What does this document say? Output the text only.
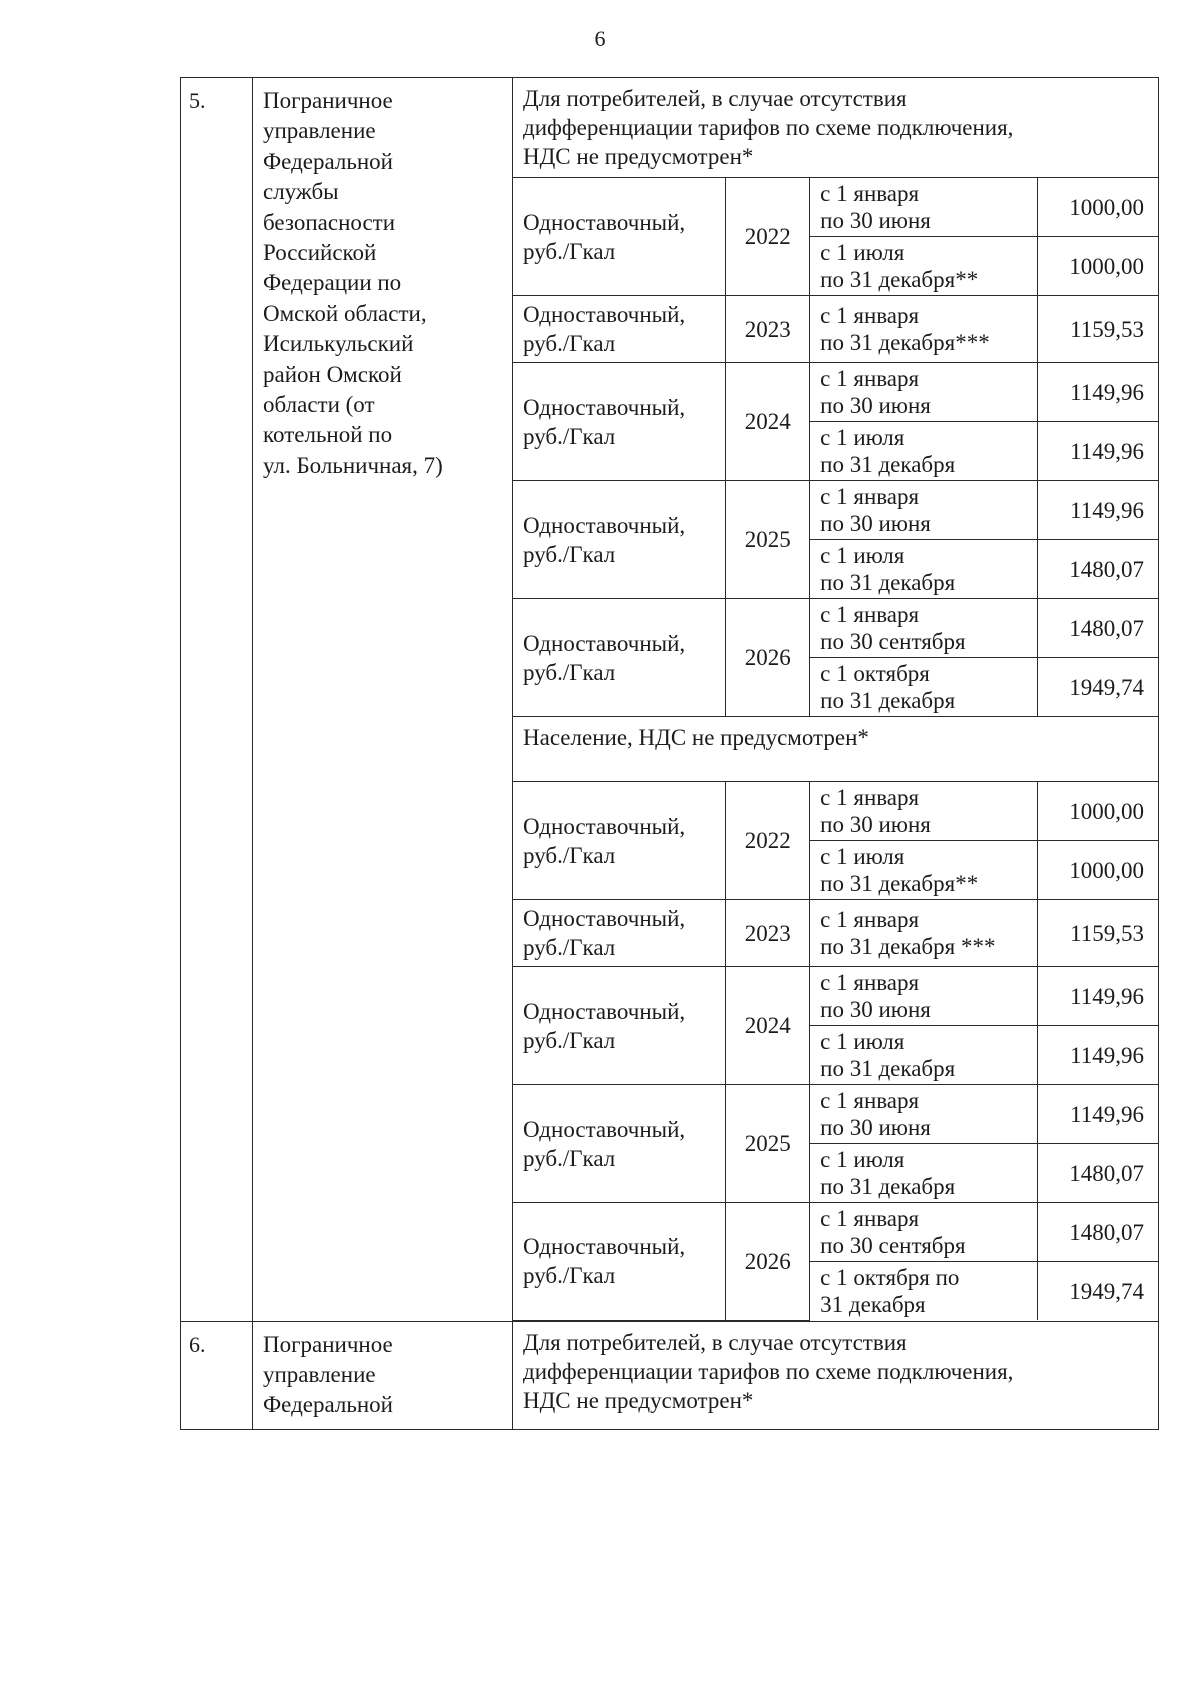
6
5.	Пограничное
управление
Федеральной
службы
безопасности
Российской
Федерации по
Омской области,
Исилькульский
район Омской
области (от
котельной по
ул. Больничная, 7)

Для потребителей, в случае отсутствия
дифференциации тарифов по схеме подключения,
НДС не предусмотрен*
Одноставочный,
руб./Гкал	2022	с 1 января
по 30 июня	1000,00
с 1 июля
по 31 декабря**	1000,00
Одноставочный,
руб./Гкал	2023	с 1 января
по 31 декабря***	1159,53
Одноставочный,
руб./Гкал	2024	с 1 января
по 30 июня	1149,96
с 1 июля
по 31 декабря	1149,96
Одноставочный,
руб./Гкал	2025	с 1 января
по 30 июня	1149,96
с 1 июля
по 31 декабря	1480,07
Одноставочный,
руб./Гкал	2026	с 1 января
по 30 сентября	1480,07
с 1 октября
по 31 декабря	1949,74
Население, НДС не предусмотрен*
Одноставочный,
руб./Гкал	2022	с 1 января
по 30 июня	1000,00
с 1 июля
по 31 декабря**	1000,00
Одноставочный,
руб./Гкал	2023	с 1 января
по 31 декабря ***	1159,53
Одноставочный,
руб./Гкал	2024	с 1 января
по 30 июня	1149,96
с 1 июля
по 31 декабря	1149,96
Одноставочный,
руб./Гкал	2025	с 1 января
по 30 июня	1149,96
с 1 июля
по 31 декабря	1480,07
Одноставочный,
руб./Гкал	2026	с 1 января
по 30 сентября	1480,07
с 1 октября по
31 декабря	1949,74

6.	Пограничное
управление
Федеральной

Для потребителей, в случае отсутствия
дифференциации тарифов по схеме подключения,
НДС не предусмотрен*
